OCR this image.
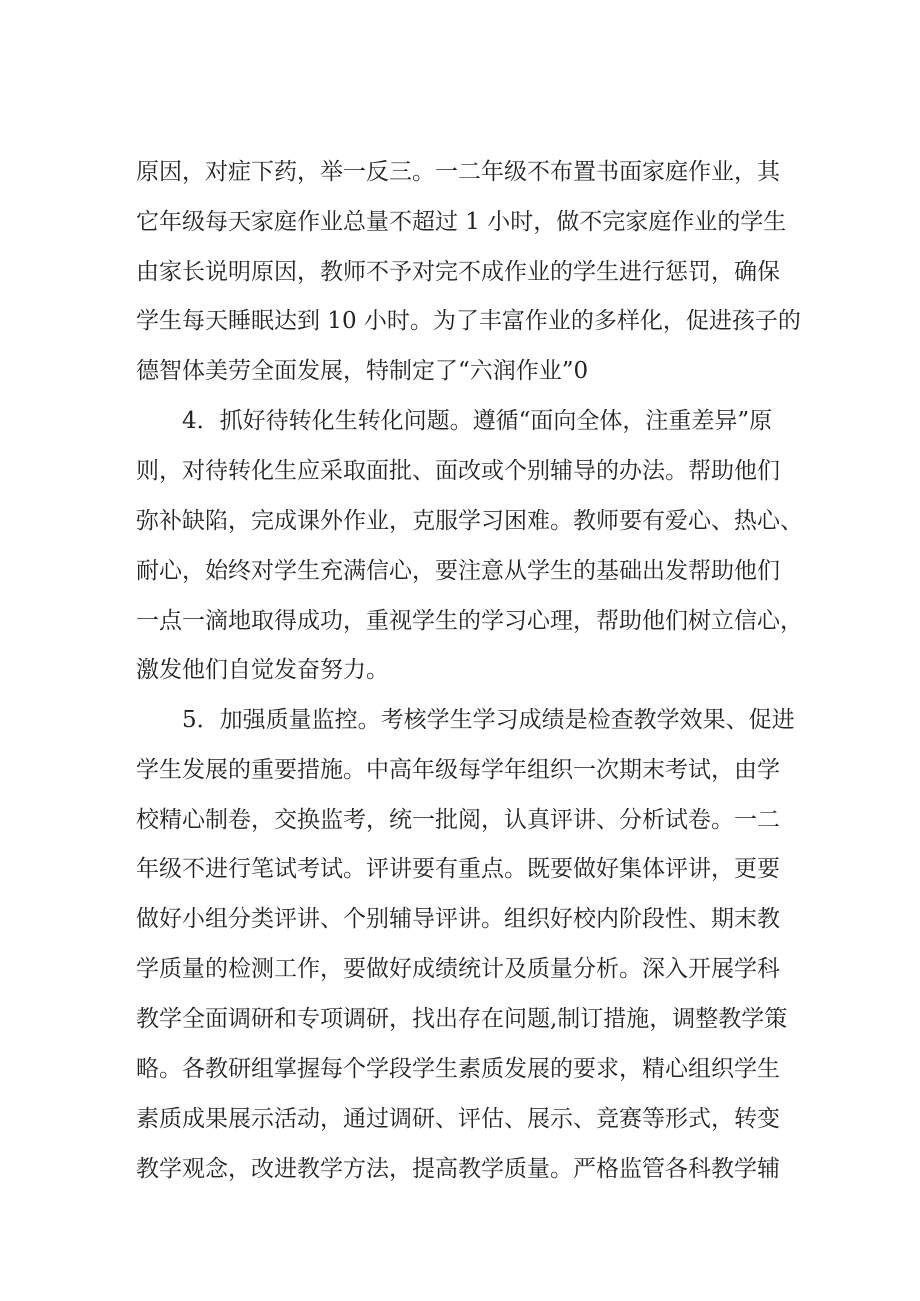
原因，对症下药，举一反三。一二年级不布置书面家庭作业，其
它年级每天家庭作业总量不超过 1 小时，做不完家庭作业的学生
由家长说明原因，教师不予对完不成作业的学生进行惩罚，确保
学生每天睡眠达到 10 小时。为了丰富作业的多样化，促进孩子的
德智体美劳全面发展，特制定了“六润作业”0
4．抓好待转化生转化问题。遵循“面向全体，注重差异”原
则，对待转化生应采取面批、面改或个别辅导的办法。帮助他们
弥补缺陷，完成课外作业，克服学习困难。教师要有爱心、热心、
耐心，始终对学生充满信心，要注意从学生的基础出发帮助他们
一点一滴地取得成功，重视学生的学习心理，帮助他们树立信心，
激发他们自觉发奋努力。
5．加强质量监控。考核学生学习成绩是检查教学效果、促进
学生发展的重要措施。中高年级每学年组织一次期末考试，由学
校精心制卷，交换监考，统一批阅，认真评讲、分析试卷。一二
年级不进行笔试考试。评讲要有重点。既要做好集体评讲，更要
做好小组分类评讲、个别辅导评讲。组织好校内阶段性、期末教
学质量的检测工作，要做好成绩统计及质量分析。深入开展学科
教学全面调研和专项调研，找出存在问题,制订措施，调整教学策
略。各教研组掌握每个学段学生素质发展的要求，精心组织学生
素质成果展示活动，通过调研、评估、展示、竞赛等形式，转变
教学观念，改进教学方法，提高教学质量。严格监管各科教学辅
